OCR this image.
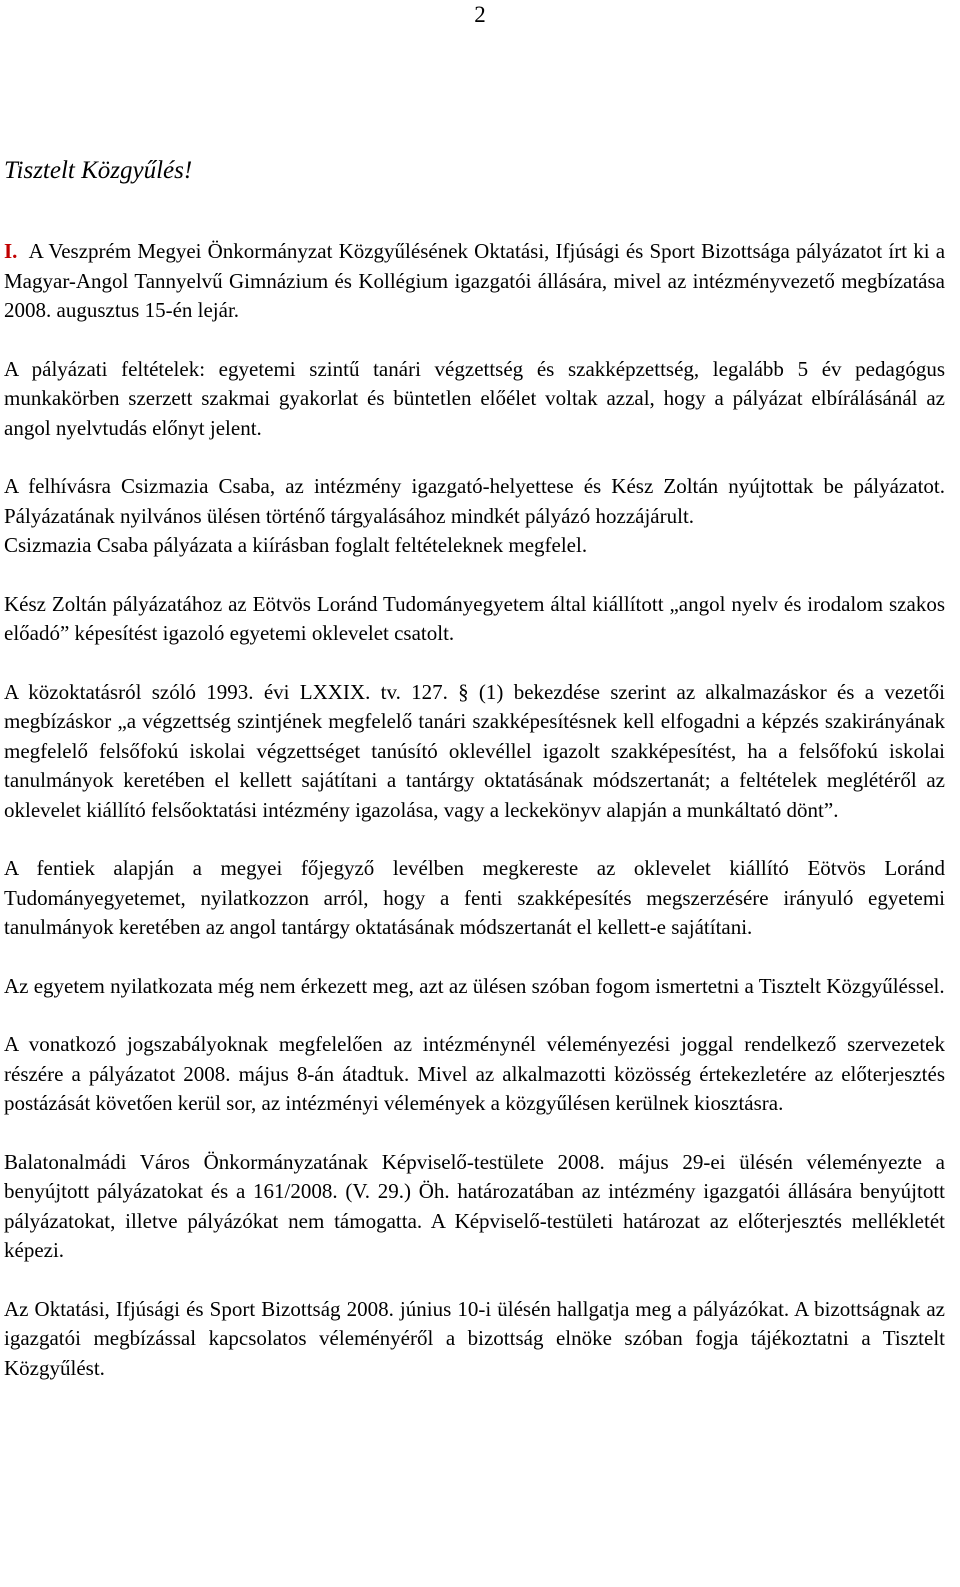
2
Tisztelt Közgyűlés!

I. A Veszprém Megyei Önkormányzat Közgyűlésének Oktatási, Ifjúsági és Sport Bizottsága pályázatot írt ki a Magyar-Angol Tannyelvű Gimnázium és Kollégium igazgatói állására, mivel az intézményvezető megbízatása 2008. augusztus 15-én lejár.

A pályázati feltételek: egyetemi szintű tanári végzettség és szakképzettség, legalább 5 év pedagógus munkakörben szerzett szakmai gyakorlat és büntetlen előélet voltak azzal, hogy a pályázat elbírálásánál az angol nyelvtudás előnyt jelent.

A felhívásra Csizmazia Csaba, az intézmény igazgató-helyettese és Kész Zoltán nyújtottak be pályázatot. Pályázatának nyilvános ülésen történő tárgyalásához mindkét pályázó hozzájárult.

Csizmazia Csaba pályázata a kiírásban foglalt feltételeknek megfelel.

Kész Zoltán pályázatához az Eötvös Loránd Tudományegyetem által kiállított „angol nyelv és irodalom szakos előadó” képesítést igazoló egyetemi oklevelet csatolt.

A közoktatásról szóló 1993. évi LXXIX. tv. 127. § (1) bekezdése szerint az alkalmazáskor és a vezetői megbízáskor „a végzettség szintjének megfelelő tanári szakképesítésnek kell elfogadni a képzés szakirányának megfelelő felsőfokú iskolai végzettséget tanúsító oklevéllel igazolt szakképesítést, ha a felsőfokú iskolai tanulmányok keretében el kellett sajátítani a tantárgy oktatásának módszertanát; a feltételek meglétéről az oklevelet kiállító felsőoktatási intézmény igazolása, vagy a leckekönyv alapján a munkáltató dönt”.

A fentiek alapján a megyei főjegyző levélben megkereste az oklevelet kiállító Eötvös Loránd Tudományegyetemet, nyilatkozzon arról, hogy a fenti szakképesítés megszerzésére irányuló egyetemi tanulmányok keretében az angol tantárgy oktatásának módszertanát el kellett-e sajátítani.

Az egyetem nyilatkozata még nem érkezett meg, azt az ülésen szóban fogom ismertetni a Tisztelt Közgyűléssel.

A vonatkozó jogszabályoknak megfelelően az intézménynél véleményezési joggal rendelkező szervezetek részére a pályázatot 2008. május 8-án átadtuk. Mivel az alkalmazotti közösség értekezletére az előterjesztés postázását követően kerül sor, az intézményi vélemények a közgyűlésen kerülnek kiosztásra.

Balatonalmádi Város Önkormányzatának Képviselő-testülete 2008. május 29-ei ülésén véleményezte a benyújtott pályázatokat és a 161/2008. (V. 29.) Öh. határozatában az intézmény igazgatói állására benyújtott pályázatokat, illetve pályázókat nem támogatta. A Képviselő-testületi határozat az előterjesztés mellékletét képezi.

Az Oktatási, Ifjúsági és Sport Bizottság 2008. június 10-i ülésén hallgatja meg a pályázókat. A bizottságnak az igazgatói megbízással kapcsolatos véleményéről a bizottság elnöke szóban fogja tájékoztatni a Tisztelt Közgyűlést.
